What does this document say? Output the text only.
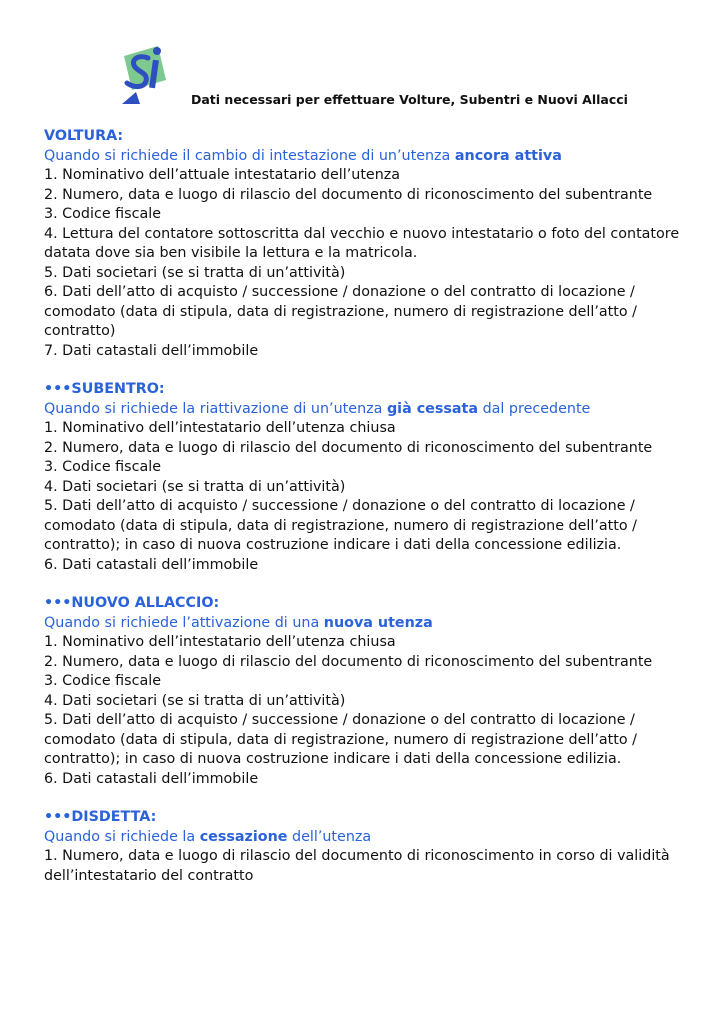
Dati necessari per effettuare Volture, Subentri e Nuovi Allacci
VOLTURA:
Quando si richiede il cambio di intestazione di un’utenza ancora attiva
1. Nominativo dell’attuale intestatario dell’utenza
2. Numero, data e luogo di rilascio del documento di riconoscimento del subentrante
3. Codice fiscale
4. Lettura del contatore sottoscritta dal vecchio e nuovo intestatario o foto del contatore datata dove sia ben visibile la lettura e la matricola.
5. Dati societari (se si tratta di un’attività)
6. Dati dell’atto di acquisto / successione / donazione o del contratto di locazione / comodato (data di stipula, data di registrazione, numero di registrazione dell’atto / contratto)
7. Dati catastali dell’immobile
•••SUBENTRO:
Quando si richiede la riattivazione di un’utenza già cessata dal precedente
1. Nominativo dell’intestatario dell’utenza chiusa
2. Numero, data e luogo di rilascio del documento di riconoscimento del subentrante
3. Codice fiscale
4. Dati societari (se si tratta di un’attività)
5. Dati dell’atto di acquisto / successione / donazione o del contratto di locazione / comodato (data di stipula, data di registrazione, numero di registrazione dell’atto / contratto); in caso di nuova costruzione indicare i dati della concessione edilizia.
6. Dati catastali dell’immobile
•••NUOVO ALLACCIO:
Quando si richiede l’attivazione di una nuova utenza
1. Nominativo dell’intestatario dell’utenza chiusa
2. Numero, data e luogo di rilascio del documento di riconoscimento del subentrante
3. Codice fiscale
4. Dati societari (se si tratta di un’attività)
5. Dati dell’atto di acquisto / successione / donazione o del contratto di locazione / comodato (data di stipula, data di registrazione, numero di registrazione dell’atto / contratto); in caso di nuova costruzione indicare i dati della concessione edilizia.
6. Dati catastali dell’immobile
•••DISDETTA:
Quando si richiede la cessazione dell’utenza
1. Numero, data e luogo di rilascio del documento di riconoscimento in corso di validità dell’intestatario del contratto
